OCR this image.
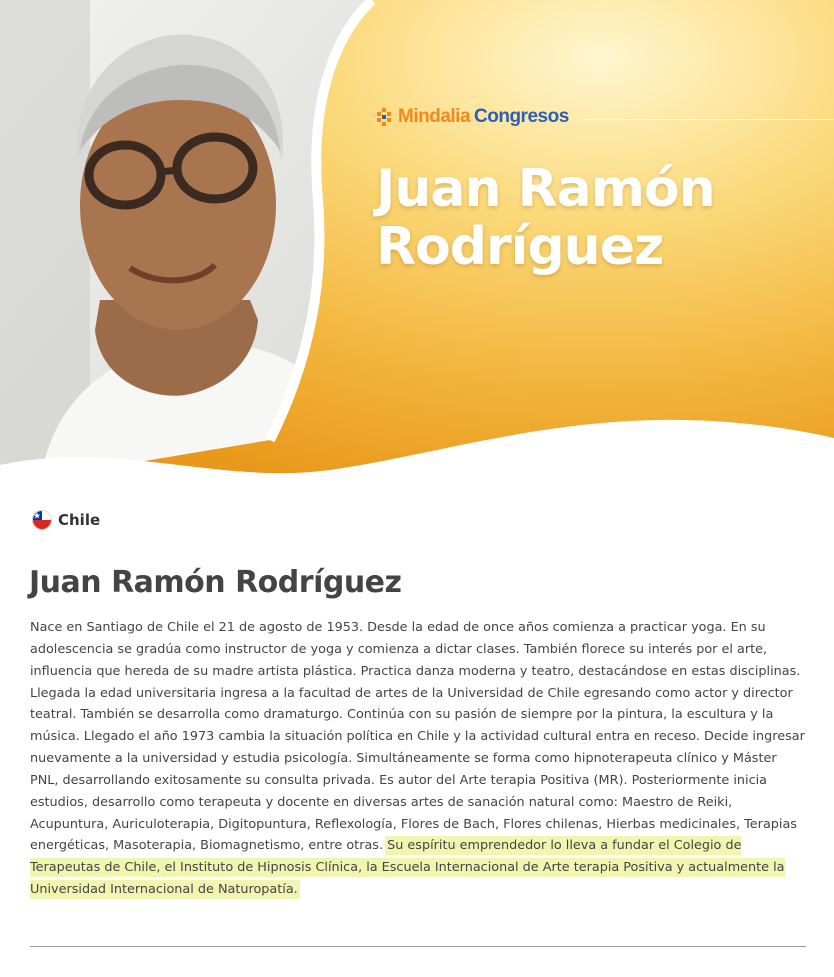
Mindalia Congresos
Juan Ramón
Rodríguez
Chile
Juan Ramón Rodríguez

Nace en Santiago de Chile el 21 de agosto de 1953. Desde la edad de once años comienza a practicar yoga. En su adolescencia se gradúa como instructor de yoga y comienza a dictar clases. También florece su interés por el arte, influencia que hereda de su madre artista plástica. Practica danza moderna y teatro, destacándose en estas disciplinas. Llegada la edad universitaria ingresa a la facultad de artes de la Universidad de Chile egresando como actor y director teatral. También se desarrolla como dramaturgo. Continúa con su pasión de siempre por la pintura, la escultura y la música. Llegado el año 1973 cambia la situación política en Chile y la actividad cultural entra en receso. Decide ingresar nuevamente a la universidad y estudia psicología. Simultáneamente se forma como hipnoterapeuta clínico y Máster PNL, desarrollando exitosamente su consulta privada. Es autor del Arte terapia Positiva (MR). Posteriormente inicia estudios, desarrollo como terapeuta y docente en diversas artes de sanación natural como: Maestro de Reiki, Acupuntura, Auriculoterapia, Digitopuntura, Reflexología, Flores de Bach, Flores chilenas, Hierbas medicinales, Terapias energéticas, Masoterapia, Biomagnetismo, entre otras. Su espíritu emprendedor lo lleva a fundar el Colegio de Terapeutas de Chile, el Instituto de Hipnosis Clínica, la Escuela Internacional de Arte terapia Positiva y actualmente la Universidad Internacional de Naturopatía.
